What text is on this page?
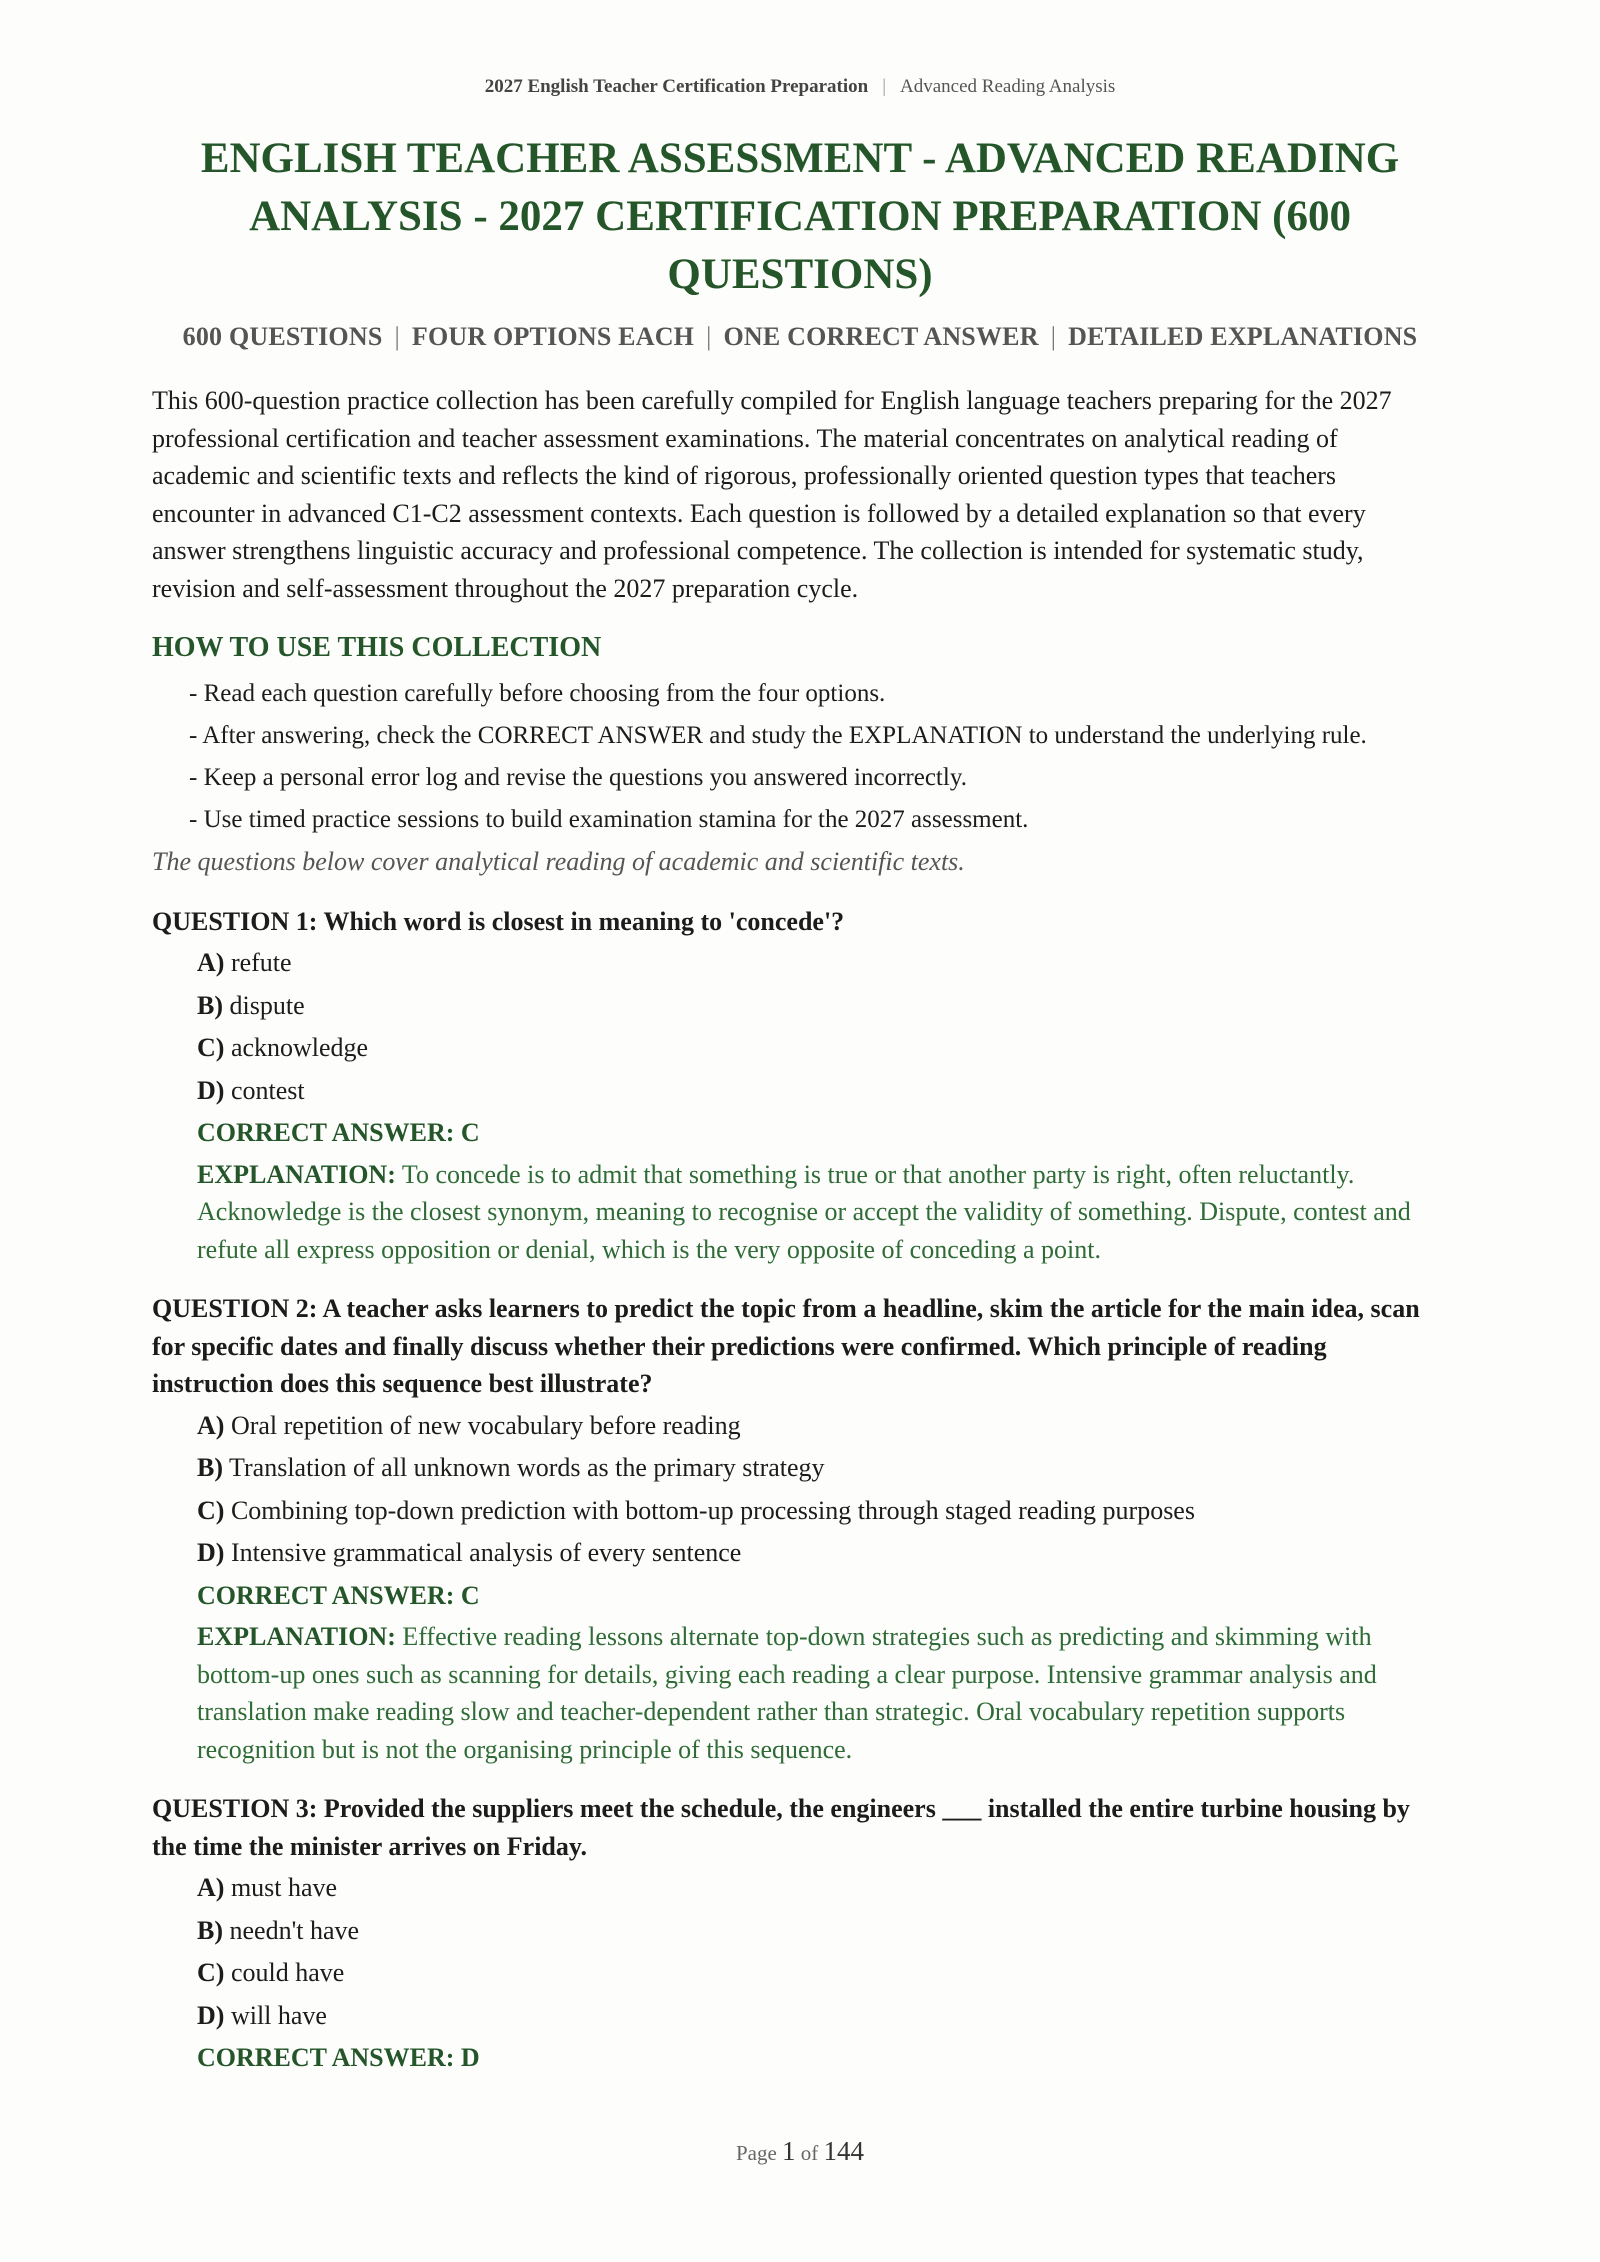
2027 English Teacher Certification Preparation | Advanced Reading Analysis
ENGLISH TEACHER ASSESSMENT - ADVANCED READING ANALYSIS - 2027 CERTIFICATION PREPARATION (600 QUESTIONS)
600 QUESTIONS | FOUR OPTIONS EACH | ONE CORRECT ANSWER | DETAILED EXPLANATIONS

This 600-question practice collection has been carefully compiled for English language teachers preparing for the 2027 professional certification and teacher assessment examinations. The material concentrates on analytical reading of academic and scientific texts and reflects the kind of rigorous, professionally oriented question types that teachers encounter in advanced C1-C2 assessment contexts. Each question is followed by a detailed explanation so that every answer strengthens linguistic accuracy and professional competence. The collection is intended for systematic study, revision and self-assessment throughout the 2027 preparation cycle.

HOW TO USE THIS COLLECTION
- Read each question carefully before choosing from the four options.
- After answering, check the CORRECT ANSWER and study the EXPLANATION to understand the underlying rule.
- Keep a personal error log and revise the questions you answered incorrectly.
- Use timed practice sessions to build examination stamina for the 2027 assessment.

The questions below cover analytical reading of academic and scientific texts.

QUESTION 1: Which word is closest in meaning to 'concede'?
A) refute
B) dispute
C) acknowledge
D) contest
CORRECT ANSWER: C

EXPLANATION: To concede is to admit that something is true or that another party is right, often reluctantly. Acknowledge is the closest synonym, meaning to recognise or accept the validity of something. Dispute, contest and refute all express opposition or denial, which is the very opposite of conceding a point.

QUESTION 2: A teacher asks learners to predict the topic from a headline, skim the article for the main idea, scan for specific dates and finally discuss whether their predictions were confirmed. Which principle of reading instruction does this sequence best illustrate?
A) Oral repetition of new vocabulary before reading
B) Translation of all unknown words as the primary strategy
C) Combining top-down prediction with bottom-up processing through staged reading purposes
D) Intensive grammatical analysis of every sentence
CORRECT ANSWER: C

EXPLANATION: Effective reading lessons alternate top-down strategies such as predicting and skimming with bottom-up ones such as scanning for details, giving each reading a clear purpose. Intensive grammar analysis and translation make reading slow and teacher-dependent rather than strategic. Oral vocabulary repetition supports recognition but is not the organising principle of this sequence.

QUESTION 3: Provided the suppliers meet the schedule, the engineers ___ installed the entire turbine housing by the time the minister arrives on Friday.
A) must have
B) needn't have
C) could have
D) will have
CORRECT ANSWER: D
Page 1 of 144
